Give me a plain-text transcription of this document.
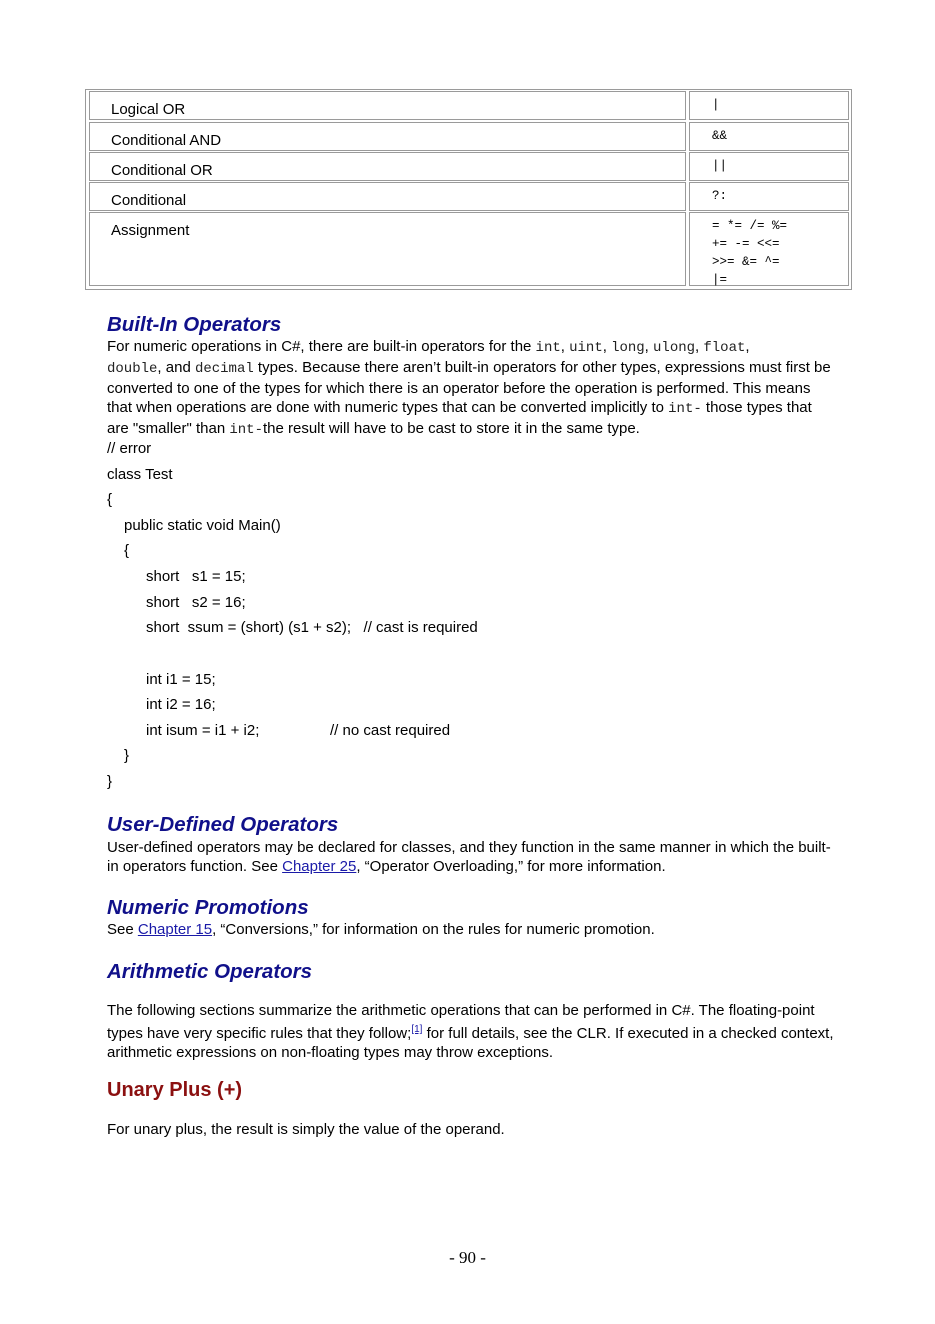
Logical OR	|
Conditional AND	&&
Conditional OR	||
Conditional	?:
Assignment	= *= /= %=
+= -= <<=
>>= &= ^=
|=
Built-In Operators

For numeric operations in C#, there are built-in operators for the int, uint, long, ulong, float,
double, and decimal types. Because there aren’t built-in operators for other types, expressions must first be converted to one of the types for which there is an operator before the operation is performed. This means that when operations are done with numeric types that can be converted implicitly to int- those types that are "smaller" than int-the result will have to be cast to store it in the same type.

// error
class Test
{
public static void Main()
{
short   s1 = 15;
short   s2 = 16;
short  ssum = (short) (s1 + s2);   // cast is required
int i1 = 15;
int i2 = 16;
int isum = i1 + i2;	// no cast required
}
}
User-Defined Operators

User-defined operators may be declared for classes, and they function in the same manner in which the built-in operators function. See Chapter 25, “Operator Overloading,” for more information.

Numeric Promotions

See Chapter 15, “Conversions,” for information on the rules for numeric promotion.

Arithmetic Operators

The following sections summarize the arithmetic operations that can be performed in C#. The floating-point types have very specific rules that they follow;[1] for full details, see the CLR. If executed in a checked context, arithmetic expressions on non-floating types may throw exceptions.

Unary Plus (+)

For unary plus, the result is simply the value of the operand.

- 90 -
